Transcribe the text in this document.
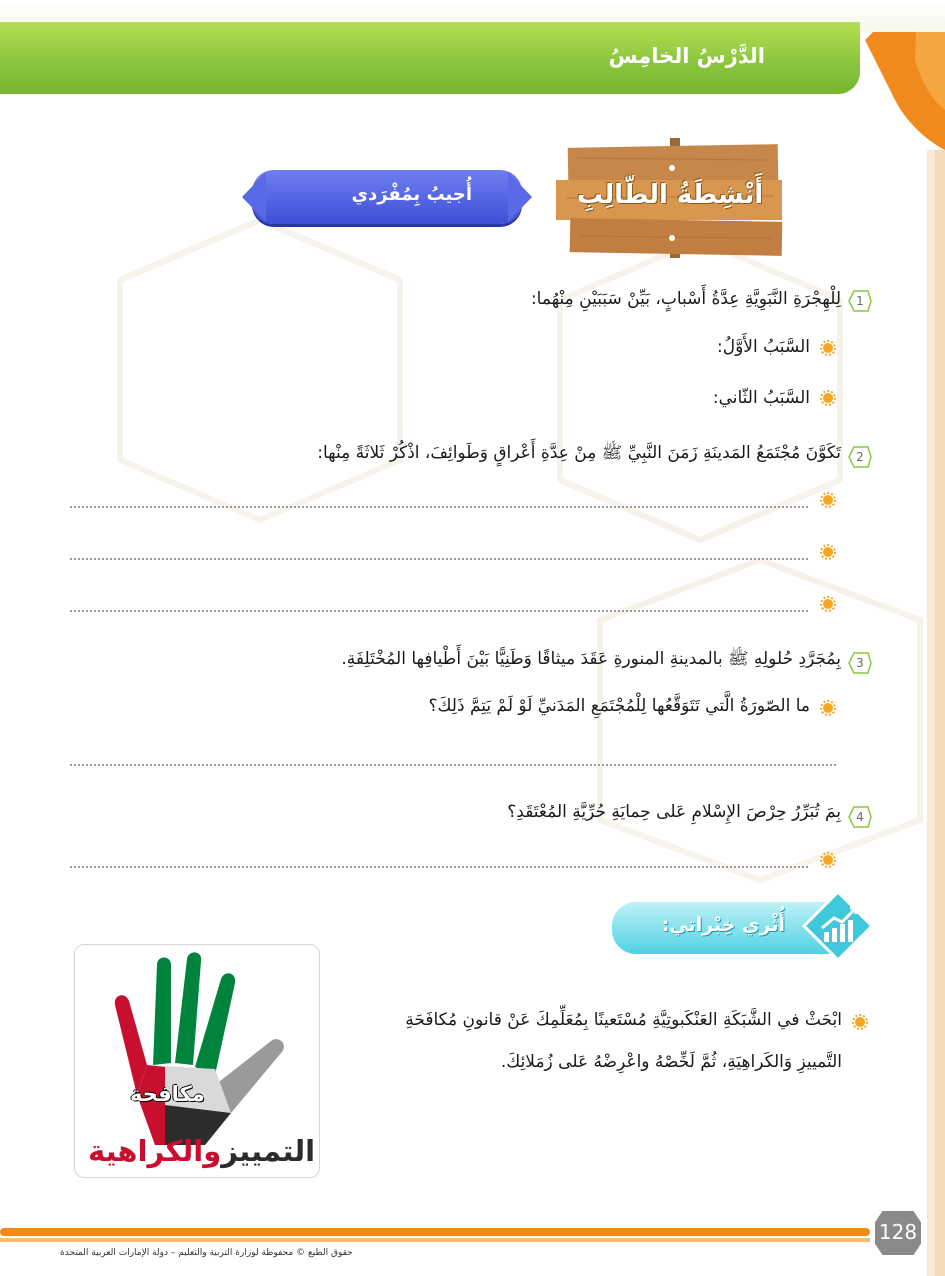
الدَّرْسُ الخامِسُ
أَنْشِطَةُ الطّالِبِ
أُجيبُ بِمُفْرَدي
1
لِلْهِجْرَةِ النَّبَوِيَّةِ عِدَّةُ أَسْبابٍ، بَيِّنْ سَبَبَيْنِ مِنْهُما:
السَّبَبُ الأَوَّلُ:
السَّبَبُ الثّاني:
2
تَكَوَّنَ مُجْتَمَعُ المَدينَةِ زَمَنَ النَّبِيِّ ﷺ مِنْ عِدَّةِ أَعْراقٍ وَطَوائِفَ، اذْكُرْ ثَلاثَةً مِنْها:
3
بِمُجَرَّدِ حُلولِهِ ﷺ بالمدينةِ المنورةِ عَقَدَ ميثاقًا وَطَنِيًّا بَيْنَ أَطْيافِها المُخْتَلِفَةِ.
ما الصّورَةُ الَّتي تَتَوَقَّعُها لِلْمُجْتَمَعِ المَدَنيِّ لَوْ لَمْ يَتِمَّ ذَلِكَ؟
4
بِمَ تُبَرِّرُ حِرْصَ الإِسْلامِ عَلى حِمايَةِ حُرِّيَّةِ المُعْتَقَدِ؟
أُثْري خِبْراتي:
ابْحَثْ في الشَّبَكَةِ العَنْكَبوتِيَّةِ مُسْتَعينًا بِمُعَلِّمِكَ عَنْ قانونِ مُكافَحَةِ
التَّمييزِ وَالكَراهِيَةِ، ثُمَّ لَخِّصْهُ واعْرِضْهُ عَلى زُمَلائِكَ.
مكافحة
التمييزوالكراهية
128
حقوق الطبع © محفوظة لوزارة التربية والتعليم – دولة الإمارات العربية المتحدة
